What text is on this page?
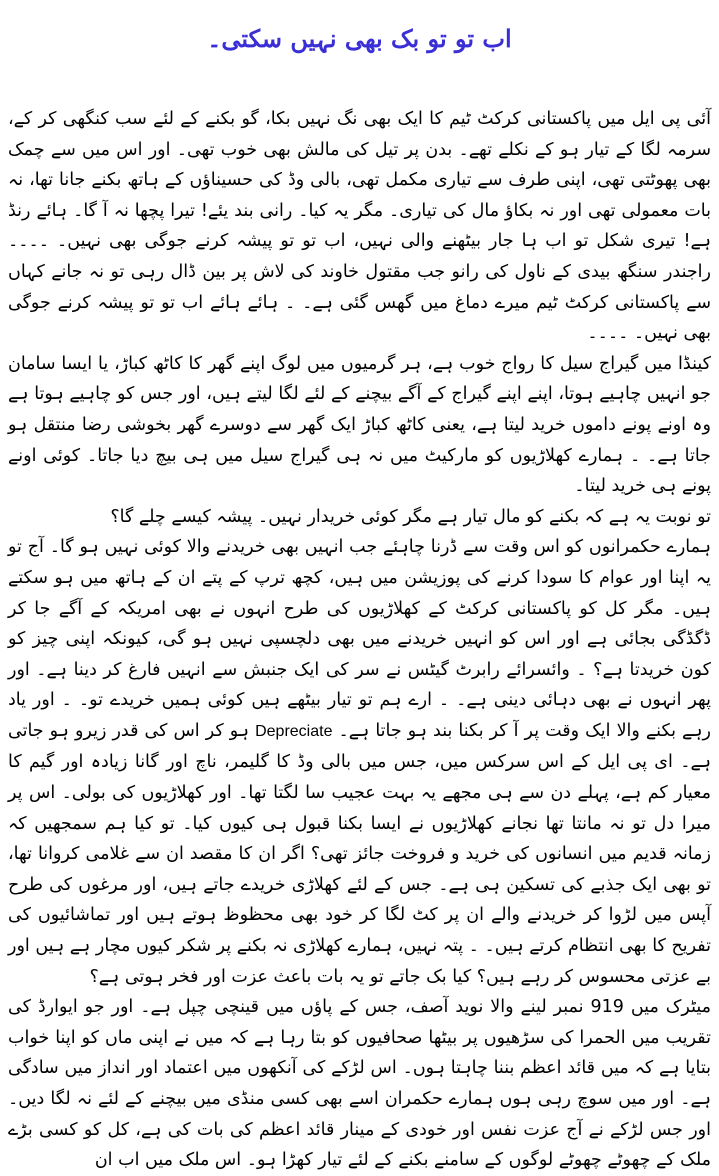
اب تو تو بک بھی نہیں سکتی۔

آئی پی ایل میں پاکستانی کرکٹ ٹیم کا ایک بھی نگ نہیں بکا، گو بکنے کے لئے سب کنگھی کر کے، سرمہ لگا کے تیار ہو کے نکلے تھے۔ بدن پر تیل کی مالش بھی خوب تھی۔ اور اس میں سے چمک بھی پھوٹتی تھی، اپنی طرف سے تیاری مکمل تھی، بالی وڈ کی حسیناؤں کے ہاتھ بکنے جانا تھا، نہ بات معمولی تھی اور نہ بکاؤ مال کی تیاری۔ مگر یہ کیا۔ رانی بند یئے! تیرا پچھا نہ آ گا۔ ہائے رنڈ ہے! تیری شکل تو اب ہا جار بیٹھنے والی نہیں، اب تو تو پیشہ کرنے جوگی بھی نہیں۔ ۔۔۔۔ راجندر سنگھ بیدی کے ناول کی رانو جب مقتول خاوند کی لاش پر بین ڈال رہی تو نہ جانے کہاں سے پاکستانی کرکٹ ٹیم میرے دماغ میں گھس گئی ہے۔ ۔ ہائے ہائے اب تو تو پیشہ کرنے جوگی بھی نہیں۔ ۔۔۔۔

کینڈا میں گیراج سیل کا رواج خوب ہے، ہر گرمیوں میں لوگ اپنے گھر کا کاٹھ کباڑ، یا ایسا سامان جو انہیں چاہیے ہوتا، اپنے اپنے گیراج کے آگے بیچنے کے لئے لگا لیتے ہیں، اور جس کو چاہیے ہوتا ہے وہ اونے پونے داموں خرید لیتا ہے، یعنی کاٹھ کباڑ ایک گھر سے دوسرے گھر بخوشی رضا منتقل ہو جاتا ہے۔ ۔ ہمارے کھلاڑیوں کو مارکیٹ میں نہ ہی گیراج سیل میں ہی بیچ دیا جاتا۔ کوئی اونے پونے ہی خرید لیتا۔

تو نوبت یہ ہے کہ بکنے کو مال تیار ہے مگر کوئی خریدار نہیں۔ پیشہ کیسے چلے گا؟

ہمارے حکمرانوں کو اس وقت سے ڈرنا چاہئے جب انہیں بھی خریدنے والا کوئی نہیں ہو گا۔ آج تو یہ اپنا اور عوام کا سودا کرنے کی پوزیشن میں ہیں، کچھ ترپ کے پتے ان کے ہاتھ میں ہو سکتے ہیں۔ مگر کل کو پاکستانی کرکٹ کے کھلاڑیوں کی طرح انہوں نے بھی امریکہ کے آگے جا کر ڈگڈگی بجائی ہے اور اس کو انہیں خریدنے میں بھی دلچسپی نہیں ہو گی، کیونکہ اپنی چیز کو کون خریدتا ہے؟ ۔ وائسرائے رابرٹ گیٹس نے سر کی ایک جنبش سے انہیں فارغ کر دینا ہے۔ اور پھر انہوں نے بھی دہائی دینی ہے۔ ۔ ارے ہم تو تیار بیٹھے ہیں کوئی ہمیں خریدے تو۔ ۔ اور یاد رہے بکنے والا ایک وقت پر آ کر بکنا بند ہو جاتا ہے۔ Depreciate ہو کر اس کی قدر زیرو ہو جاتی ہے۔ ای پی ایل کے اس سرکس میں، جس میں بالی وڈ کا گلیمر، ناچ اور گانا زیادہ اور گیم کا معیار کم ہے، پہلے دن سے ہی مجھے یہ بہت عجیب سا لگتا تھا۔ اور کھلاڑیوں کی بولی۔ اس پر میرا دل تو نہ مانتا تھا نجانے کھلاڑیوں نے ایسا بکنا قبول ہی کیوں کیا۔ تو کیا ہم سمجھیں کہ زمانہ قدیم میں انسانوں کی خرید و فروخت جائز تھی؟ اگر ان کا مقصد ان سے غلامی کروانا تھا، تو بھی ایک جذبے کی تسکین ہی ہے۔ جس کے لئے کھلاڑی خریدے جاتے ہیں، اور مرغوں کی طرح آپس میں لڑوا کر خریدنے والے ان پر کٹ لگا کر خود بھی محظوظ ہوتے ہیں اور تماشائیوں کی تفریح کا بھی انتظام کرتے ہیں۔ ۔ پتہ نہیں، ہمارے کھلاڑی نہ بکنے پر شکر کیوں مچار ہے ہیں اور بے عزتی محسوس کر رہے ہیں؟ کیا بک جاتے تو یہ بات باعث عزت اور فخر ہوتی ہے؟

میٹرک میں 919 نمبر لینے والا نوید آصف، جس کے پاؤں میں قینچی چپل ہے۔ اور جو ایوارڈ کی تقریب میں الحمرا کی سڑھیوں پر بیٹھا صحافیوں کو بتا رہا ہے کہ میں نے اپنی ماں کو اپنا خواب بتایا ہے کہ میں قائد اعظم بننا چاہتا ہوں۔ اس لڑکے کی آنکھوں میں اعتماد اور انداز میں سادگی ہے۔ اور میں سوچ رہی ہوں ہمارے حکمران اسے بھی کسی منڈی میں بیچنے کے لئے نہ لگا دیں۔ اور جس لڑکے نے آج عزت نفس اور خودی کے مینار قائد اعظم کی بات کی ہے، کل کو کسی بڑے ملک کے چھوٹے چھوٹے لوگوں کے سامنے بکنے کے لئے تیار کھڑا ہو۔ اس ملک میں اب ان
